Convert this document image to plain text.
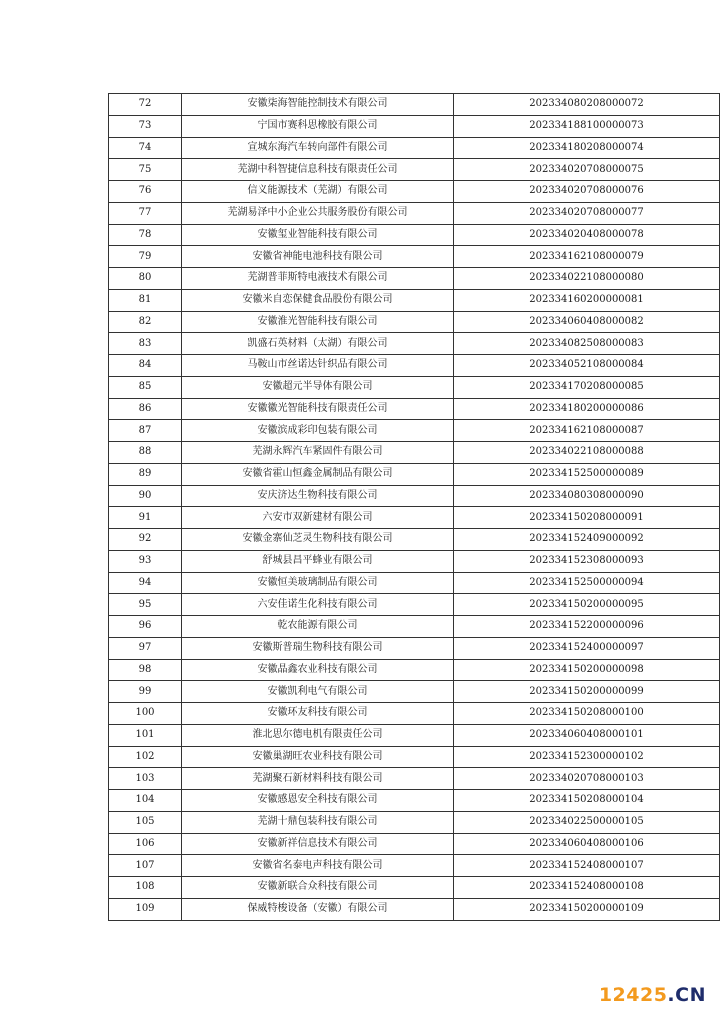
72	安徽柒海智能控制技术有限公司	202334080208000072
73	宁国市赛科思橡胶有限公司	202334188100000073
74	宣城东海汽车转向部件有限公司	202334180208000074
75	芜湖中科智捷信息科技有限责任公司	202334020708000075
76	信义能源技术（芜湖）有限公司	202334020708000076
77	芜湖易泽中小企业公共服务股份有限公司	202334020708000077
78	安徽玺业智能科技有限公司	202334020408000078
79	安徽省神能电池科技有限公司	202334162108000079
80	芜湖普菲斯特电液技术有限公司	202334022108000080
81	安徽米自恋保健食品股份有限公司	202334160200000081
82	安徽淮光智能科技有限公司	202334060408000082
83	凯盛石英材料（太湖）有限公司	202334082508000083
84	马鞍山市丝诺达针织品有限公司	202334052108000084
85	安徽超元半导体有限公司	202334170208000085
86	安徽徽光智能科技有限责任公司	202334180200000086
87	安徽滨成彩印包装有限公司	202334162108000087
88	芜湖永辉汽车紧固件有限公司	202334022108000088
89	安徽省霍山恒鑫金属制品有限公司	202334152500000089
90	安庆济达生物科技有限公司	202334080308000090
91	六安市双新建材有限公司	202334150208000091
92	安徽金寨仙芝灵生物科技有限公司	202334152409000092
93	舒城县昌平蜂业有限公司	202334152308000093
94	安徽恒美玻璃制品有限公司	202334152500000094
95	六安佳诺生化科技有限公司	202334150200000095
96	乾农能源有限公司	202334152200000096
97	安徽斯普瑞生物科技有限公司	202334152400000097
98	安徽晶鑫农业科技有限公司	202334150200000098
99	安徽凯利电气有限公司	202334150200000099
100	安徽环友科技有限公司	202334150208000100
101	淮北思尔德电机有限责任公司	202334060408000101
102	安徽巢湖旺农业科技有限公司	202334152300000102
103	芜湖聚石新材料科技有限公司	202334020708000103
104	安徽感恩安全科技有限公司	202334150208000104
105	芜湖十鼎包装科技有限公司	202334022500000105
106	安徽新祥信息技术有限公司	202334060408000106
107	安徽省名泰电声科技有限公司	202334152408000107
108	安徽新联合众科技有限公司	202334152408000108
109	保威特梭设备（安徽）有限公司	202334150200000109
12425.CN
